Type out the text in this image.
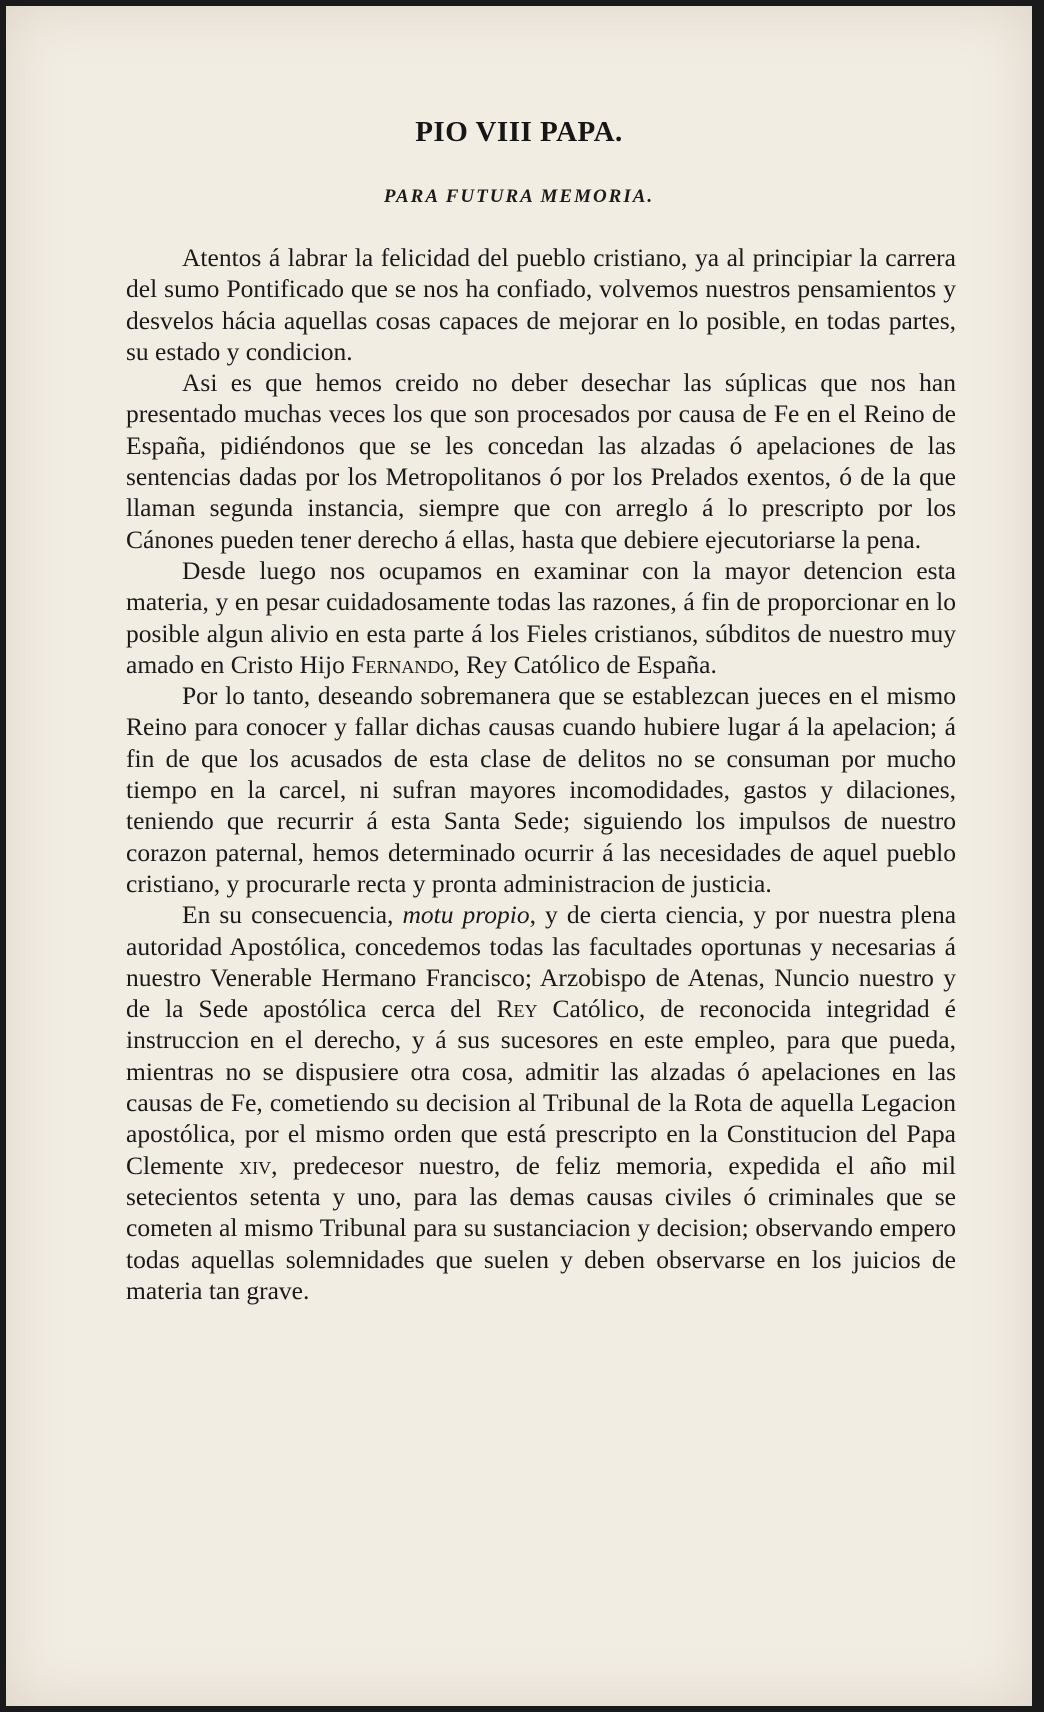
PIO VIII PAPA.
PARA FUTURA MEMORIA.

Atentos á labrar la felicidad del pueblo cristiano, ya al principiar la carrera del sumo Pontificado que se nos ha confiado, volvemos nuestros pensamientos y desvelos hácia aquellas cosas capaces de mejorar en lo posible, en todas partes, su estado y condicion.

Asi es que hemos creido no deber desechar las súplicas que nos han presentado muchas veces los que son procesados por causa de Fe en el Reino de España, pidiéndonos que se les concedan las alzadas ó apelaciones de las sentencias dadas por los Metropolitanos ó por los Prelados exentos, ó de la que llaman segunda instancia, siempre que con arreglo á lo prescripto por los Cánones pueden tener derecho á ellas, hasta que debiere ejecutoriarse la pena.

Desde luego nos ocupamos en examinar con la mayor detencion esta materia, y en pesar cuidadosamente todas las razones, á fin de proporcionar en lo posible algun alivio en esta parte á los Fieles cristianos, súbditos de nuestro muy amado en Cristo Hijo Fernando, Rey Católico de España.

Por lo tanto, deseando sobremanera que se establezcan jueces en el mismo Reino para conocer y fallar dichas causas cuando hubiere lugar á la apelacion; á fin de que los acusados de esta clase de delitos no se consuman por mucho tiempo en la carcel, ni sufran mayores incomodidades, gastos y dilaciones, teniendo que recurrir á esta Santa Sede; siguiendo los impulsos de nuestro corazon paternal, hemos determinado ocurrir á las necesidades de aquel pueblo cristiano, y procurarle recta y pronta administracion de justicia.

En su consecuencia, motu propio, y de cierta ciencia, y por nuestra plena autoridad Apostólica, concedemos todas las facultades oportunas y necesarias á nuestro Venerable Hermano Francisco; Arzobispo de Atenas, Nuncio nuestro y de la Sede apostólica cerca del Rey Católico, de reconocida integridad é instruccion en el derecho, y á sus sucesores en este empleo, para que pueda, mientras no se dispusiere otra cosa, admitir las alzadas ó apelaciones en las causas de Fe, cometiendo su decision al Tribunal de la Rota de aquella Legacion apostólica, por el mismo orden que está prescripto en la Constitucion del Papa Clemente xiv, predecesor nuestro, de feliz memoria, expedida el año mil setecientos setenta y uno, para las demas causas civiles ó criminales que se cometen al mismo Tribunal para su sustanciacion y decision; observando empero todas aquellas solemnidades que suelen y deben observarse en los juicios de materia tan grave.
